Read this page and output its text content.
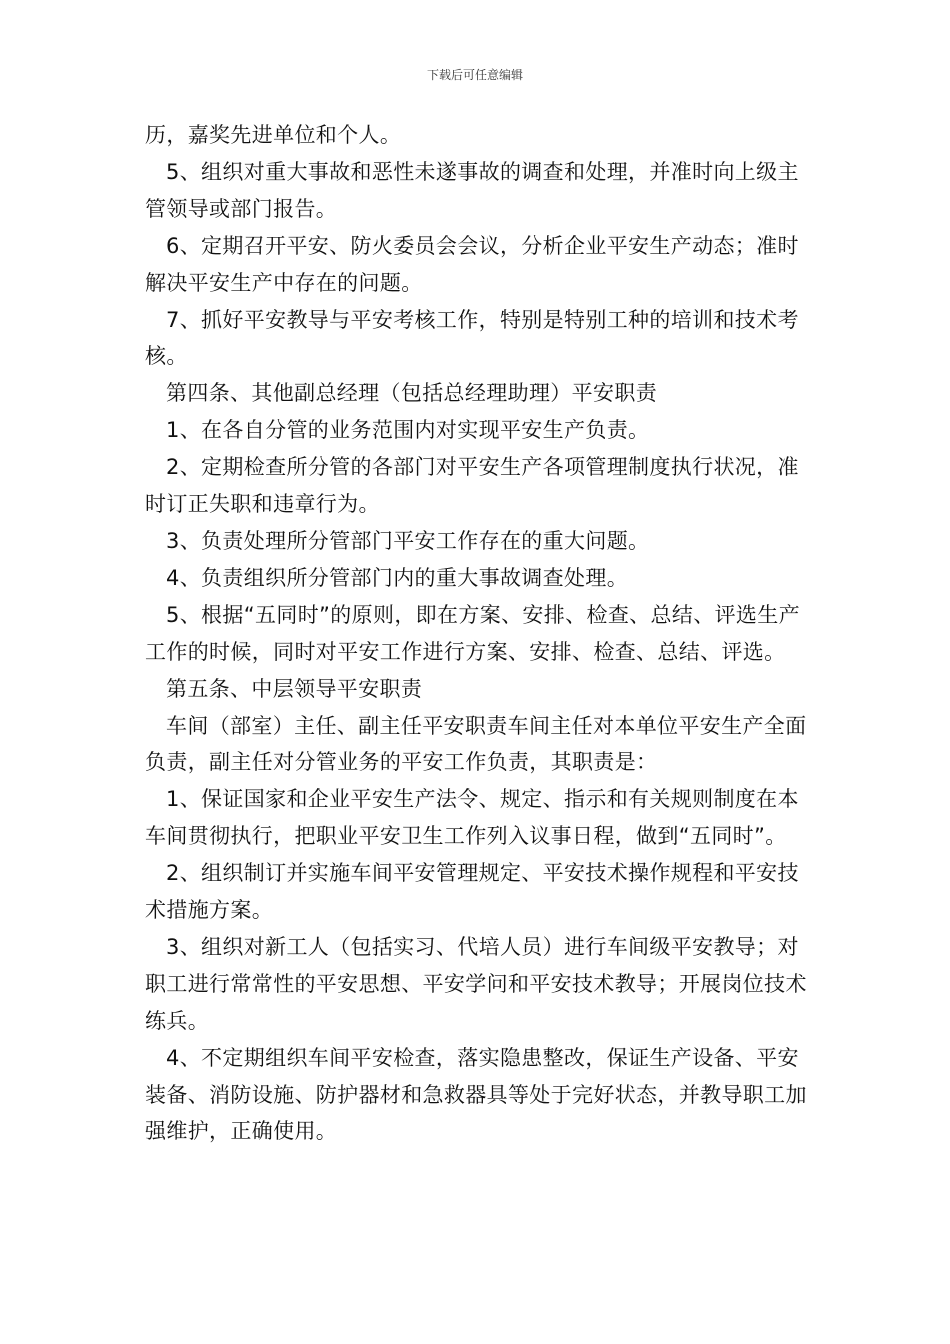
下载后可任意编辑

历，嘉奖先进单位和个人。

5、组织对重大事故和恶性未遂事故的调查和处理，并准时向上级主管领导或部门报告。

6、定期召开平安、防火委员会会议，分析企业平安生产动态；准时解决平安生产中存在的问题。

7、抓好平安教导与平安考核工作，特别是特别工种的培训和技术考核。

第四条、其他副总经理（包括总经理助理）平安职责

1、在各自分管的业务范围内对实现平安生产负责。

2、定期检查所分管的各部门对平安生产各项管理制度执行状况，准时订正失职和违章行为。

3、负责处理所分管部门平安工作存在的重大问题。

4、负责组织所分管部门内的重大事故调查处理。

5、根据“五同时”的原则，即在方案、安排、检查、总结、评选生产工作的时候，同时对平安工作进行方案、安排、检查、总结、评选。

第五条、中层领导平安职责

车间（部室）主任、副主任平安职责车间主任对本单位平安生产全面负责，副主任对分管业务的平安工作负责，其职责是：

1、保证国家和企业平安生产法令、规定、指示和有关规则制度在本车间贯彻执行，把职业平安卫生工作列入议事日程，做到“五同时”。

2、组织制订并实施车间平安管理规定、平安技术操作规程和平安技术措施方案。

3、组织对新工人（包括实习、代培人员）进行车间级平安教导；对职工进行常常性的平安思想、平安学问和平安技术教导；开展岗位技术练兵。

4、不定期组织车间平安检查，落实隐患整改，保证生产设备、平安装备、消防设施、防护器材和急救器具等处于完好状态，并教导职工加强维护，正确使用。
